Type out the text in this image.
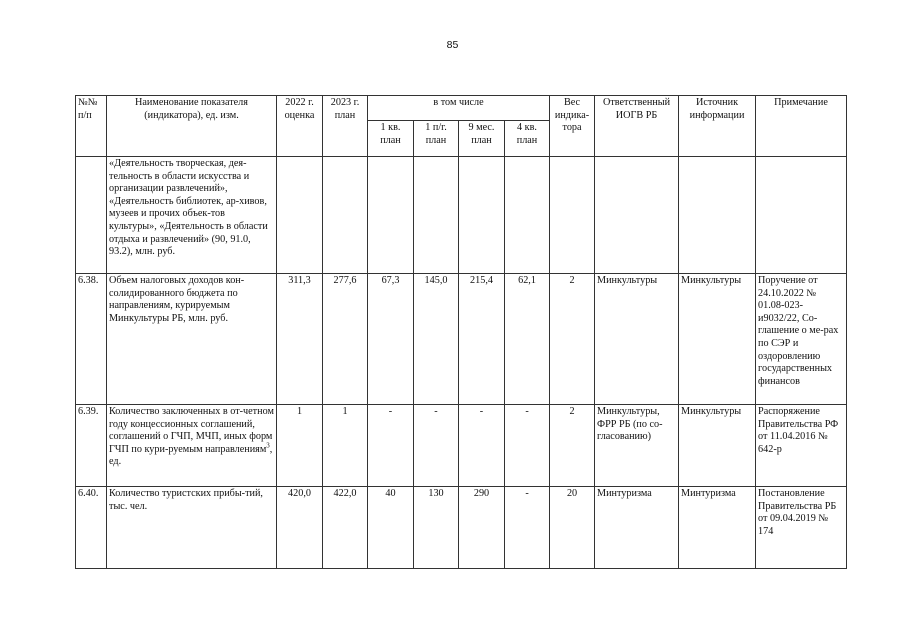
85
№№ п/п	Наименование показателя (индикатора), ед. изм.	2022 г. оценка	2023 г. план	в том числе				Вес индика-тора	Ответственный ИОГВ РБ	Источник информации	Примечание
				1 кв. план	1 п/г. план	9 мес. план	4 кв. план				
	«Деятельность творческая, дея-тельность в области искусства и организации развлечений», «Деятельность библиотек, ар-хивов, музеев и прочих объек-тов культуры», «Деятельность в области отдыха и развлечений» (90, 91.0, 93.2), млн. руб.										
6.38.	Объем налоговых доходов кон-солидированного бюджета по направлениям, курируемым Минкультуры РБ, млн. руб.	311,3	277,6	67,3	145,0	215,4	62,1	2	Минкультуры	Минкультуры	Поручение от 24.10.2022 № 01.08-023-и9032/22, Со-глашение о ме-рах по СЭР и оздоровлению государственных финансов
6.39.	Количество заключенных в от-четном году концессионных соглашений, соглашений о ГЧП, МЧП, иных форм ГЧП по кури-руемым направлениям$^3$, ед.	1	1	-	-	-	-	2	Минкультуры, ФРР РБ (по со-гласованию)	Минкультуры	Распоряжение Правительства РФ от 11.04.2016 № 642-р
6.40.	Количество туристских прибы-тий, тыс. чел.	420,0	422,0	40	130	290	-	20	Минтуризма	Минтуризма	Постановление Правительства РБ от 09.04.2019 № 174
